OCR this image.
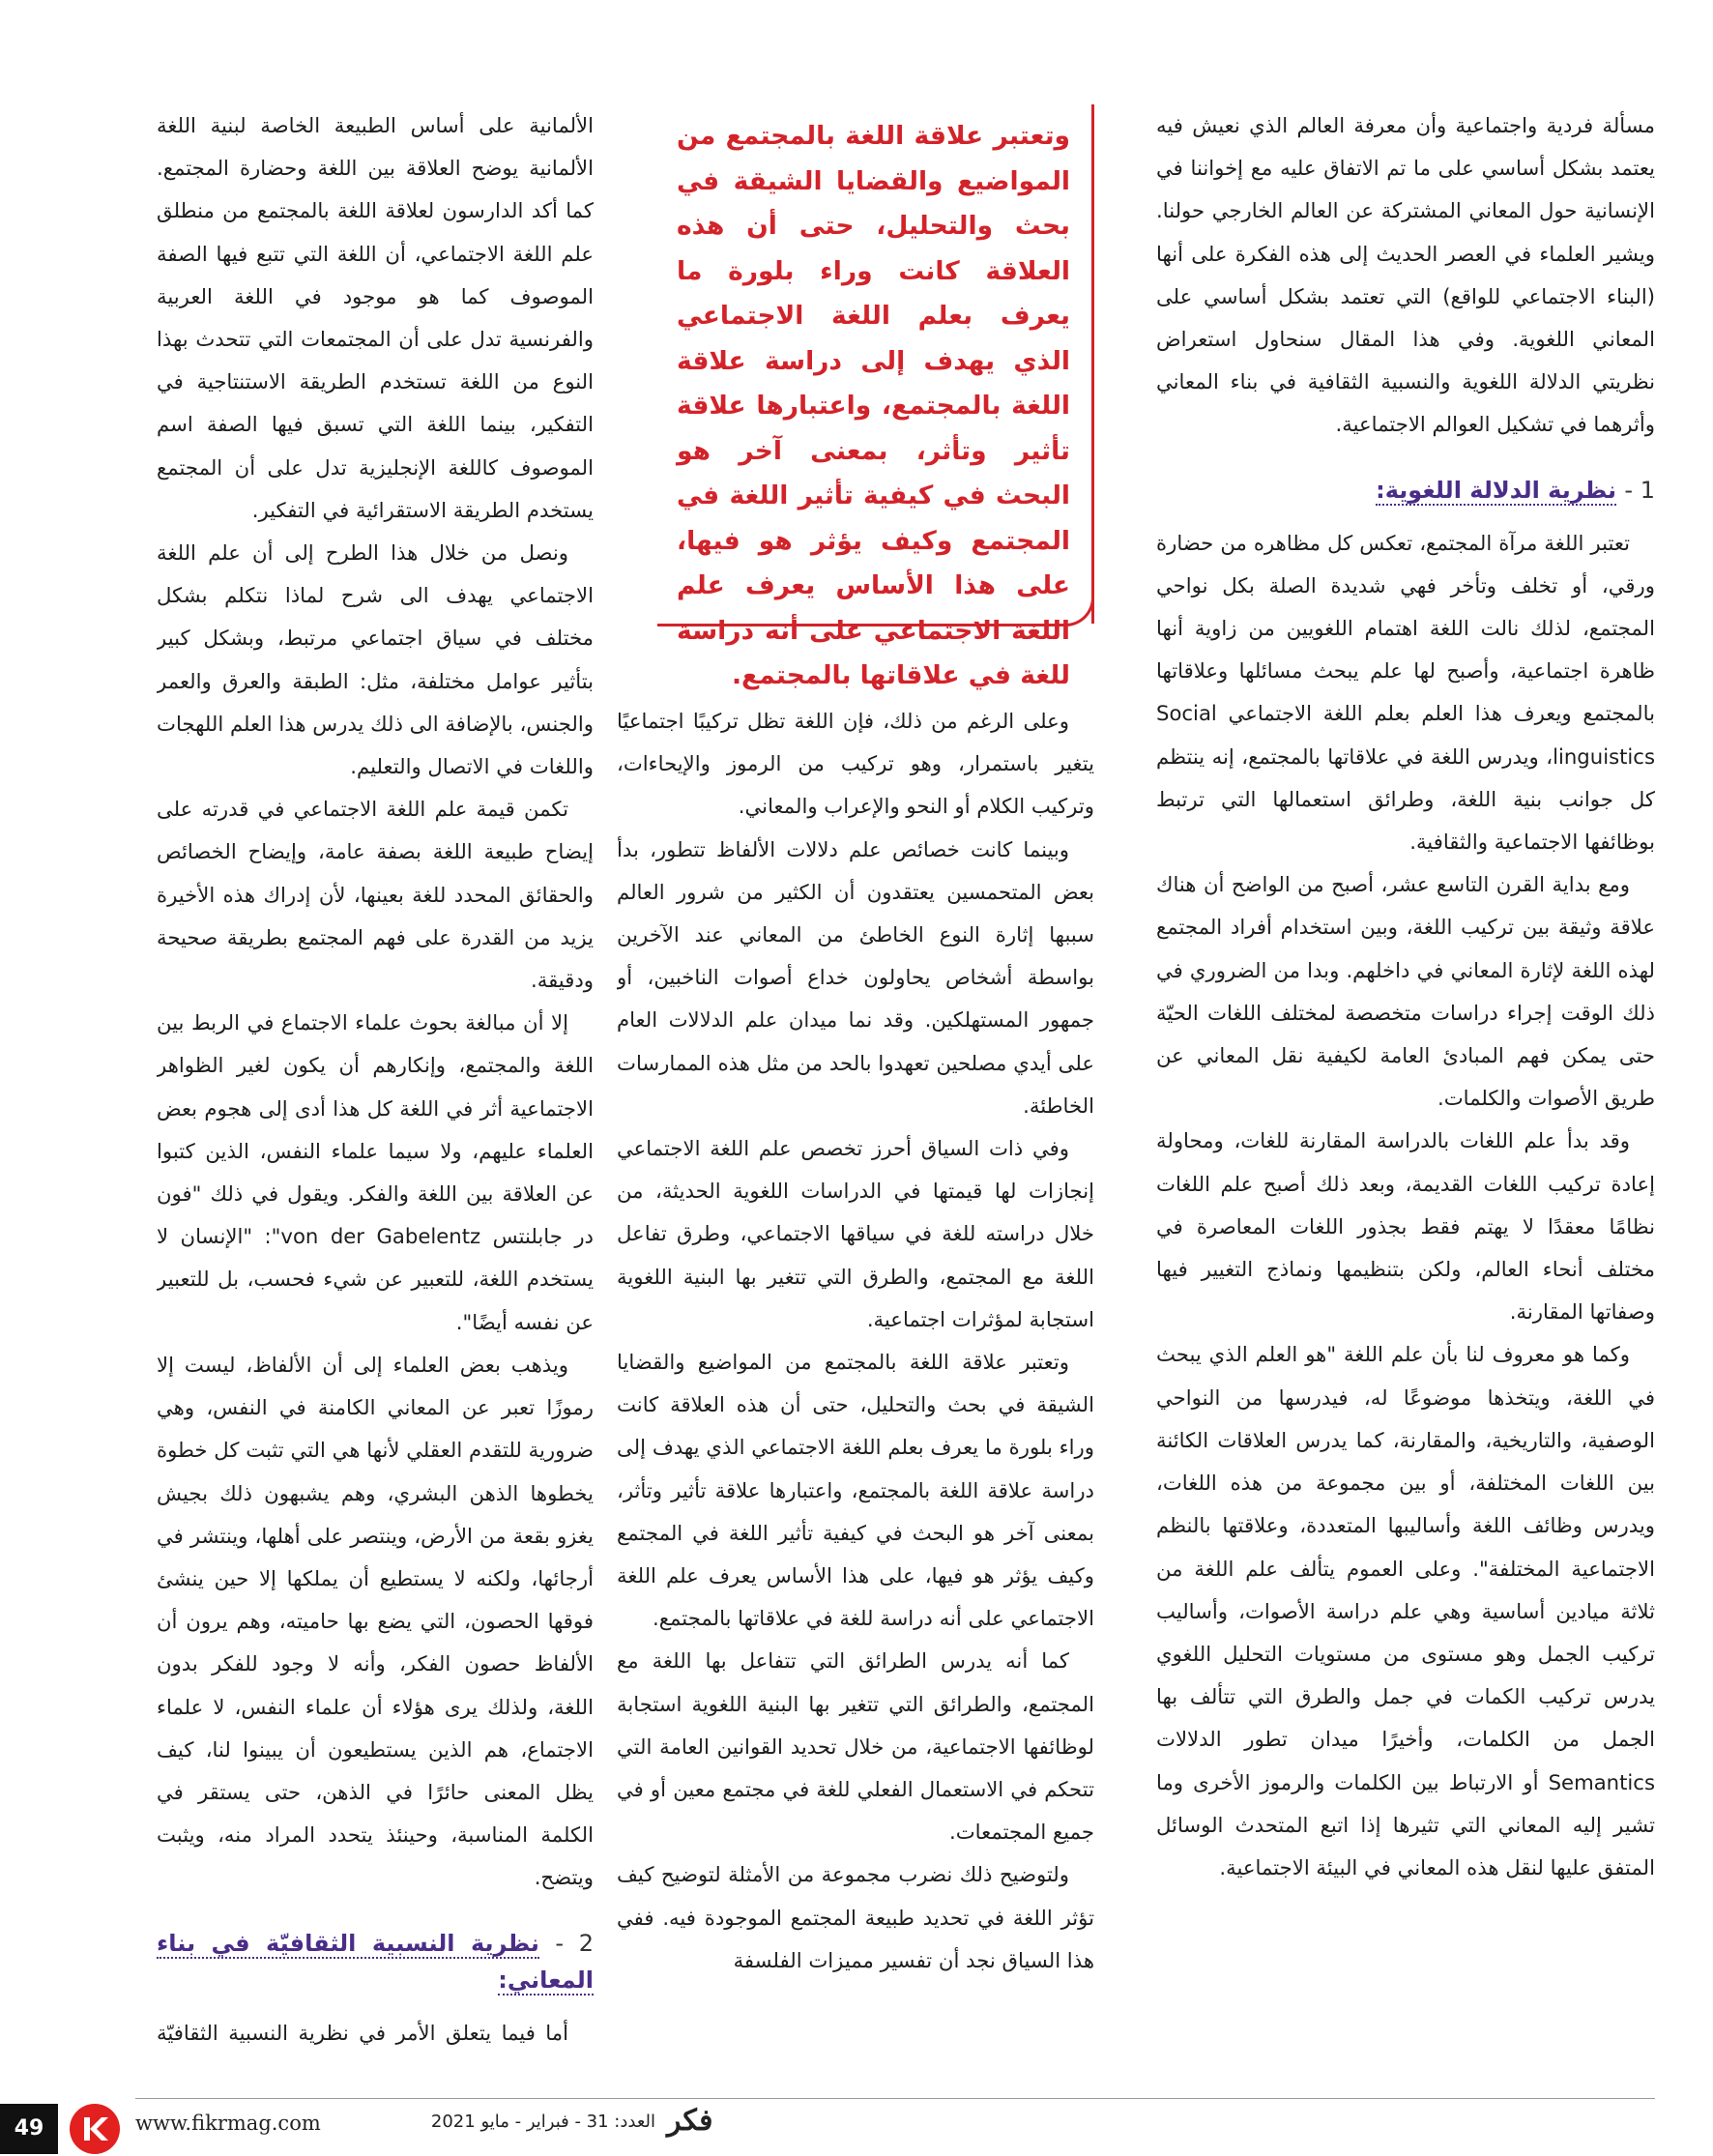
مسألة فردية واجتماعية وأن معرفة العالم الذي نعيش فيه يعتمد بشكل أساسي على ما تم الاتفاق عليه مع إخواننا في الإنسانية حول المعاني المشتركة عن العالم الخارجي حولنا. ويشير العلماء في العصر الحديث إلى هذه الفكرة على أنها (البناء الاجتماعي للواقع) التي تعتمد بشكل أساسي على المعاني اللغوية. وفي هذا المقال سنحاول استعراض نظريتي الدلالة اللغوية والنسبية الثقافية في بناء المعاني وأثرهما في تشكيل العوالم الاجتماعية.

1 - نظرية الدلالة اللغوية:

تعتبر اللغة مرآة المجتمع، تعكس كل مظاهره من حضارة ورقي، أو تخلف وتأخر فهي شديدة الصلة بكل نواحي المجتمع، لذلك نالت اللغة اهتمام اللغويين من زاوية أنها ظاهرة اجتماعية، وأصبح لها علم يبحث مسائلها وعلاقاتها بالمجتمع ويعرف هذا العلم بعلم اللغة الاجتماعي Social linguistics، ويدرس اللغة في علاقاتها بالمجتمع، إنه ينتظم كل جوانب بنية اللغة، وطرائق استعمالها التي ترتبط بوظائفها الاجتماعية والثقافية.

ومع بداية القرن التاسع عشر، أصبح من الواضح أن هناك علاقة وثيقة بين تركيب اللغة، وبين استخدام أفراد المجتمع لهذه اللغة لإثارة المعاني في داخلهم. وبدا من الضروري في ذلك الوقت إجراء دراسات متخصصة لمختلف اللغات الحيّة حتى يمكن فهم المبادئ العامة لكيفية نقل المعاني عن طريق الأصوات والكلمات.

وقد بدأ علم اللغات بالدراسة المقارنة للغات، ومحاولة إعادة تركيب اللغات القديمة، وبعد ذلك أصبح علم اللغات نظامًا معقدًا لا يهتم فقط بجذور اللغات المعاصرة في مختلف أنحاء العالم، ولكن بتنظيمها ونماذج التغيير فيها وصفاتها المقارنة.

وكما هو معروف لنا بأن علم اللغة "هو العلم الذي يبحث في اللغة، ويتخذها موضوعًا له، فيدرسها من النواحي الوصفية، والتاريخية، والمقارنة، كما يدرس العلاقات الكائنة بين اللغات المختلفة، أو بين مجموعة من هذه اللغات، ويدرس وظائف اللغة وأساليبها المتعددة، وعلاقتها بالنظم الاجتماعية المختلفة". وعلى العموم يتألف علم اللغة من ثلاثة ميادين أساسية وهي علم دراسة الأصوات، وأساليب تركيب الجمل وهو مستوى من مستويات التحليل اللغوي يدرس تركيب الكمات في جمل والطرق التي تتألف بها الجمل من الكلمات، وأخيرًا ميدان تطور الدلالات Semantics أو الارتباط بين الكلمات والرموز الأخرى وما تشير إليه المعاني التي تثيرها إذا اتبع المتحدث الوسائل المتفق عليها لنقل هذه المعاني في البيئة الاجتماعية.

وتعتبر علاقة اللغة بالمجتمع من المواضيع والقضايا الشيقة في بحث والتحليل، حتى أن هذه العلاقة كانت وراء بلورة ما يعرف بعلم اللغة الاجتماعي الذي يهدف إلى دراسة علاقة اللغة بالمجتمع، واعتبارها علاقة تأثير وتأثر، بمعنى آخر هو البحث في كيفية تأثير اللغة في المجتمع وكيف يؤثر هو فيها، على هذا الأساس يعرف علم اللغة الاجتماعي على أنه دراسة للغة في علاقاتها بالمجتمع.

وعلى الرغم من ذلك، فإن اللغة تظل تركيبًا اجتماعيًا يتغير باستمرار، وهو تركيب من الرموز والإيحاءات، وتركيب الكلام أو النحو والإعراب والمعاني.

وبينما كانت خصائص علم دلالات الألفاظ تتطور، بدأ بعض المتحمسين يعتقدون أن الكثير من شرور العالم سببها إثارة النوع الخاطئ من المعاني عند الآخرين بواسطة أشخاص يحاولون خداع أصوات الناخبين، أو جمهور المستهلكين. وقد نما ميدان علم الدلالات العام على أيدي مصلحين تعهدوا بالحد من مثل هذه الممارسات الخاطئة.

وفي ذات السياق أحرز تخصص علم اللغة الاجتماعي إنجازات لها قيمتها في الدراسات اللغوية الحديثة، من خلال دراسته للغة في سياقها الاجتماعي، وطرق تفاعل اللغة مع المجتمع، والطرق التي تتغير بها البنية اللغوية استجابة لمؤثرات اجتماعية.

وتعتبر علاقة اللغة بالمجتمع من المواضيع والقضايا الشيقة في بحث والتحليل، حتى أن هذه العلاقة كانت وراء بلورة ما يعرف بعلم اللغة الاجتماعي الذي يهدف إلى دراسة علاقة اللغة بالمجتمع، واعتبارها علاقة تأثير وتأثر، بمعنى آخر هو البحث في كيفية تأثير اللغة في المجتمع وكيف يؤثر هو فيها، على هذا الأساس يعرف علم اللغة الاجتماعي على أنه دراسة للغة في علاقاتها بالمجتمع.

كما أنه يدرس الطرائق التي تتفاعل بها اللغة مع المجتمع، والطرائق التي تتغير بها البنية اللغوية استجابة لوظائفها الاجتماعية، من خلال تحديد القوانين العامة التي تتحكم في الاستعمال الفعلي للغة في مجتمع معين أو في جميع المجتمعات.

ولتوضيح ذلك نضرب مجموعة من الأمثلة لتوضيح كيف تؤثر اللغة في تحديد طبيعة المجتمع الموجودة فيه. ففي هذا السياق نجد أن تفسير مميزات الفلسفة

الألمانية على أساس الطبيعة الخاصة لبنية اللغة الألمانية يوضح العلاقة بين اللغة وحضارة المجتمع. كما أكد الدارسون لعلاقة اللغة بالمجتمع من منطلق علم اللغة الاجتماعي، أن اللغة التي تتبع فيها الصفة الموصوف كما هو موجود في اللغة العربية والفرنسية تدل على أن المجتمعات التي تتحدث بهذا النوع من اللغة تستخدم الطريقة الاستنتاجية في التفكير، بينما اللغة التي تسبق فيها الصفة اسم الموصوف كاللغة الإنجليزية تدل على أن المجتمع يستخدم الطريقة الاستقرائية في التفكير.

ونصل من خلال هذا الطرح إلى أن علم اللغة الاجتماعي يهدف الى شرح لماذا نتكلم بشكل مختلف في سياق اجتماعي مرتبط، وبشكل كبير بتأثير عوامل مختلفة، مثل: الطبقة والعرق والعمر والجنس، بالإضافة الى ذلك يدرس هذا العلم اللهجات واللغات في الاتصال والتعليم.

تكمن قيمة علم اللغة الاجتماعي في قدرته على إيضاح طبيعة اللغة بصفة عامة، وإيضاح الخصائص والحقائق المحدد للغة بعينها، لأن إدراك هذه الأخيرة يزيد من القدرة على فهم المجتمع بطريقة صحيحة ودقيقة.

إلا أن مبالغة بحوث علماء الاجتماع في الربط بين اللغة والمجتمع، وإنكارهم أن يكون لغير الظواهر الاجتماعية أثر في اللغة كل هذا أدى إلى هجوم بعض العلماء عليهم، ولا سيما علماء النفس، الذين كتبوا عن العلاقة بين اللغة والفكر. ويقول في ذلك "فون در جابلنتس von der Gabelentz": "الإنسان لا يستخدم اللغة، للتعبير عن شيء فحسب، بل للتعبير عن نفسه أيضًا".

ويذهب بعض العلماء إلى أن الألفاظ، ليست إلا رموزًا تعبر عن المعاني الكامنة في النفس، وهي ضرورية للتقدم العقلي لأنها هي التي تثبت كل خطوة يخطوها الذهن البشري، وهم يشبهون ذلك بجيش يغزو بقعة من الأرض، وينتصر على أهلها، وينتشر في أرجائها، ولكنه لا يستطيع أن يملكها إلا حين ينشئ فوقها الحصون، التي يضع بها حاميته، وهم يرون أن الألفاظ حصون الفكر، وأنه لا وجود للفكر بدون اللغة، ولذلك يرى هؤلاء أن علماء النفس، لا علماء الاجتماع، هم الذين يستطيعون أن يبينوا لنا، كيف يظل المعنى حائرًا في الذهن، حتى يستقر في الكلمة المناسبة، وحينئذ يتحدد المراد منه، ويثبت ويتضح.

2 - نظرية النسبية الثقافيّة في بناء المعاني:

أما فيما يتعلق الأمر في نظرية النسبية الثقافيّة

49	www.fikrmag.com	العدد: 31 - فبراير - مايو 2021 فكر
